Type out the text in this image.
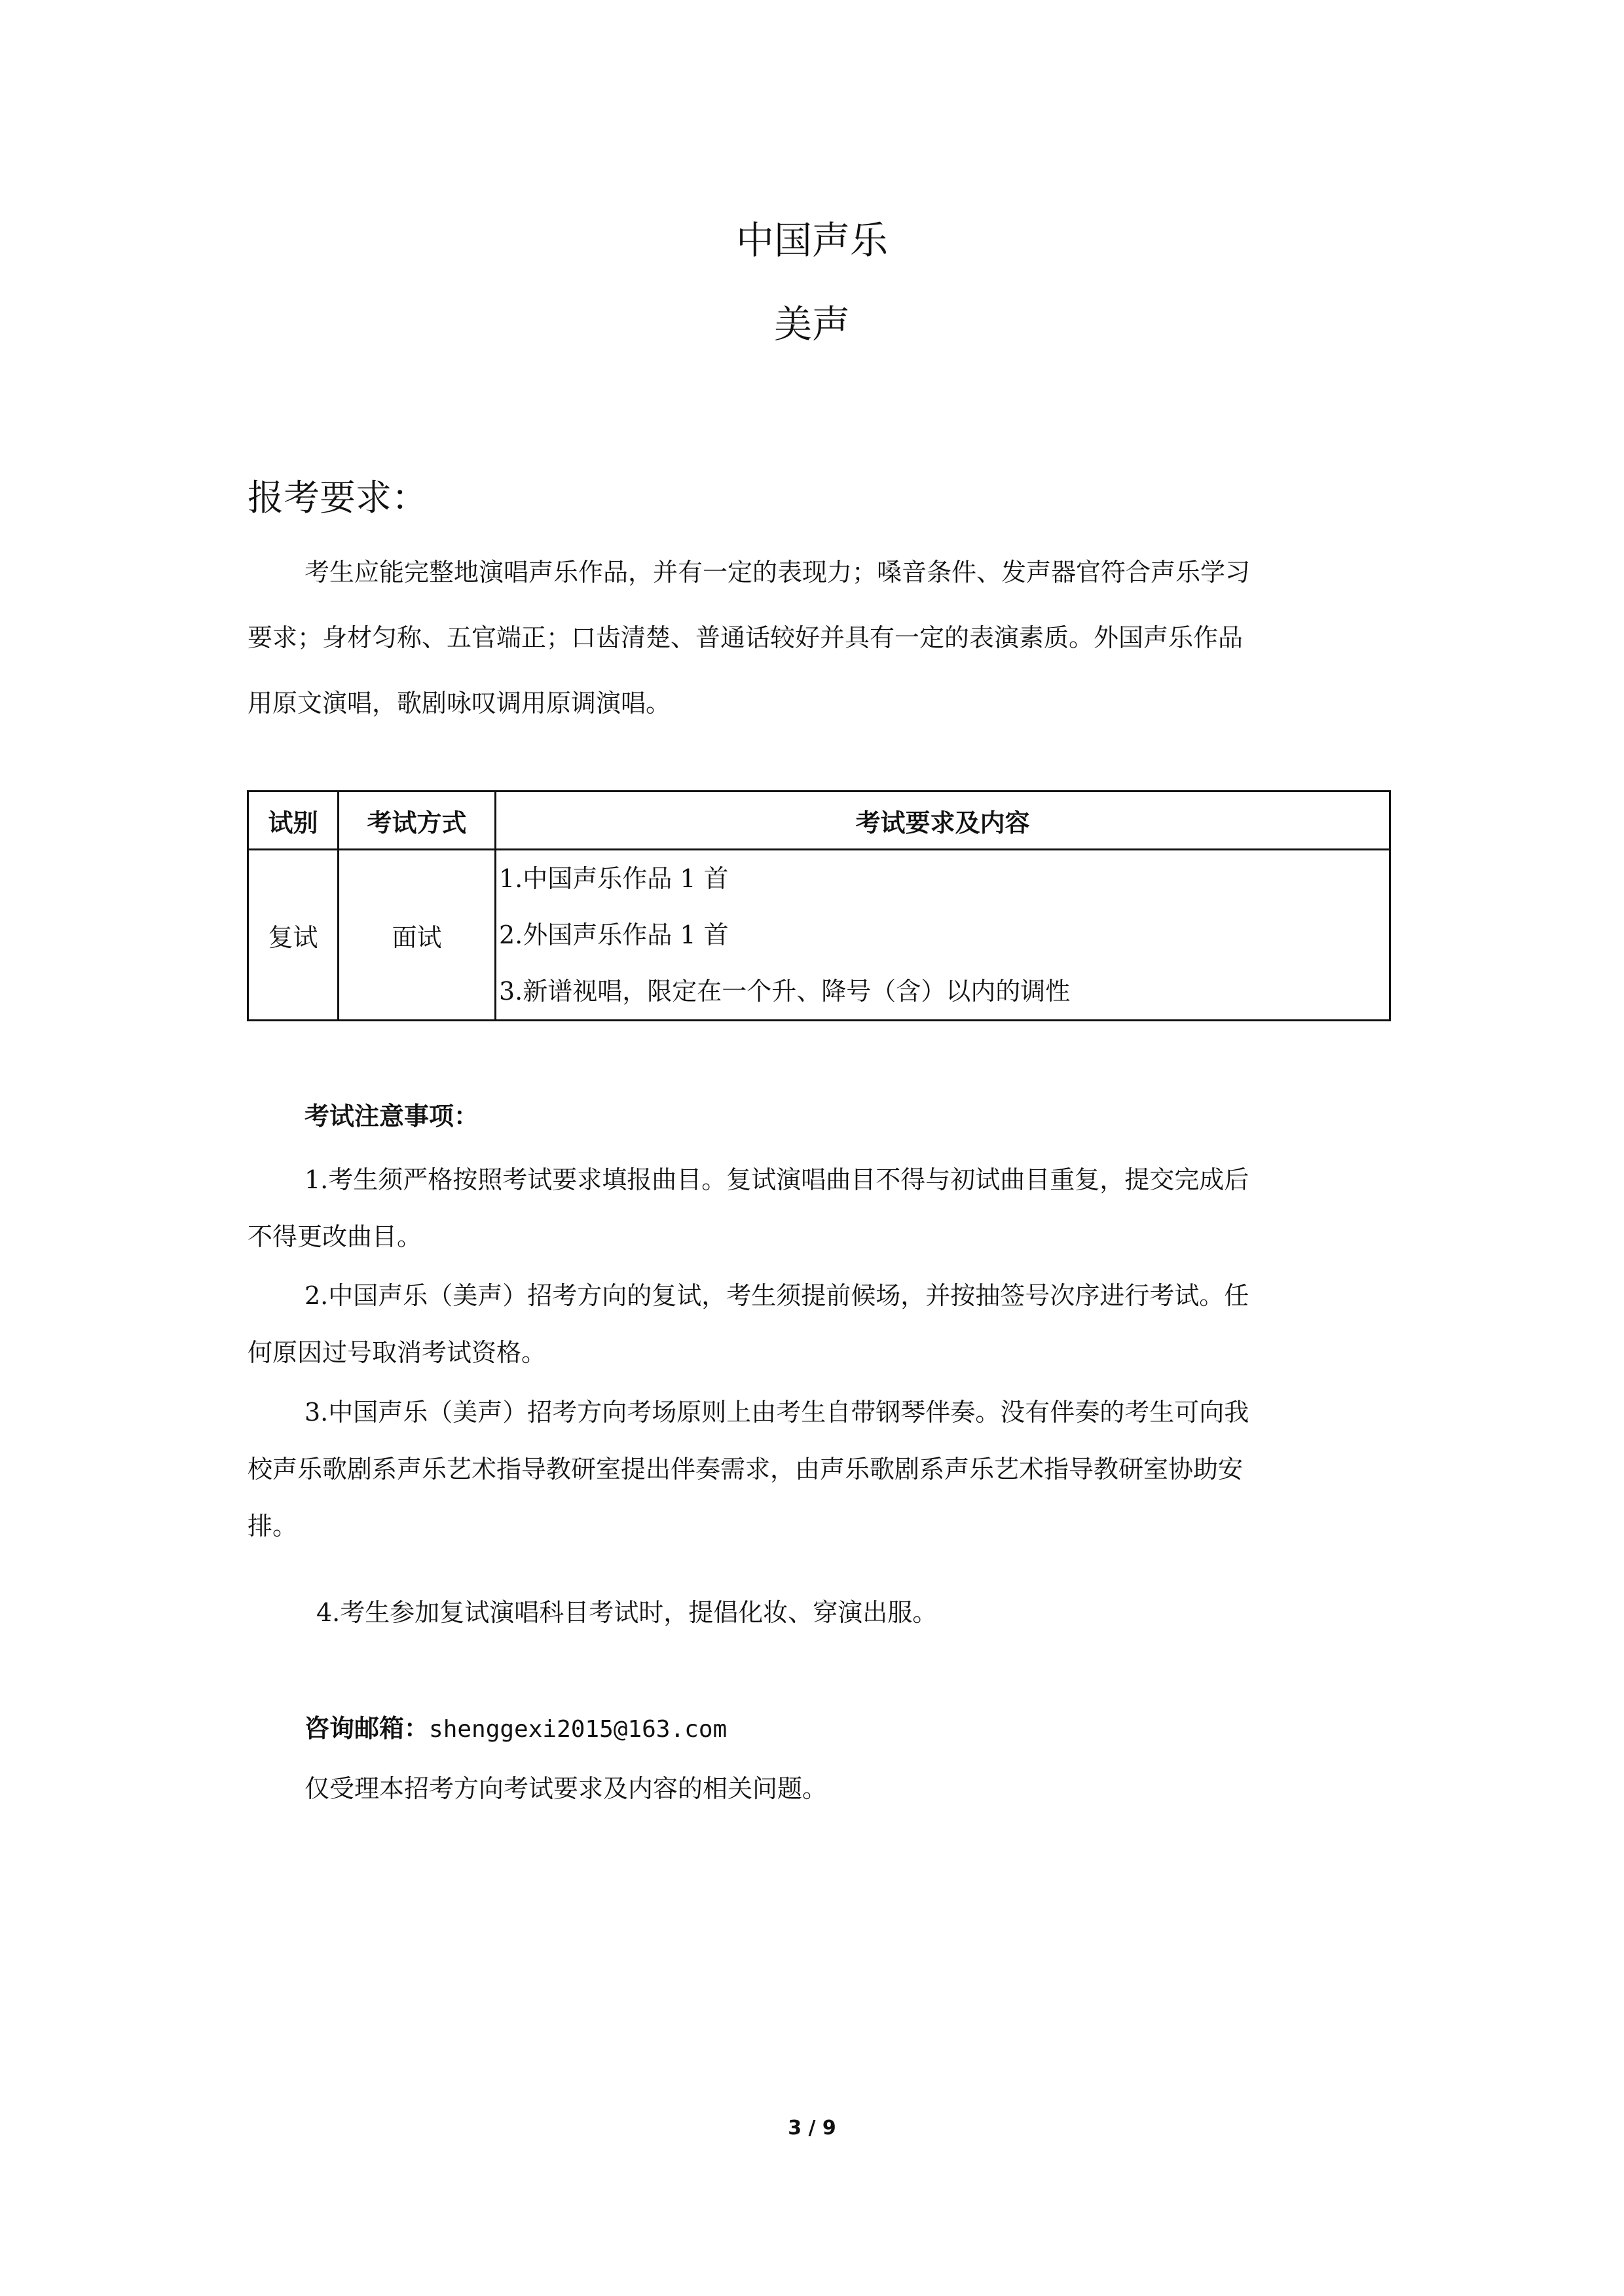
中国声乐
美声
报考要求：
考生应能完整地演唱声乐作品，并有一定的表现力；嗓音条件、发声器官符合声乐学习
要求；身材匀称、五官端正；口齿清楚、普通话较好并具有一定的表演素质。外国声乐作品
用原文演唱，歌剧咏叹调用原调演唱。
试别	考试方式	考试要求及内容
复试	面试	1.中国声乐作品 1 首
2.外国声乐作品 1 首
3.新谱视唱，限定在一个升、降号（含）以内的调性
考试注意事项：
1.考生须严格按照考试要求填报曲目。复试演唱曲目不得与初试曲目重复，提交完成后
不得更改曲目。
2.中国声乐（美声）招考方向的复试，考生须提前候场，并按抽签号次序进行考试。任
何原因过号取消考试资格。
3.中国声乐（美声）招考方向考场原则上由考生自带钢琴伴奏。没有伴奏的考生可向我
校声乐歌剧系声乐艺术指导教研室提出伴奏需求，由声乐歌剧系声乐艺术指导教研室协助安
排。
4.考生参加复试演唱科目考试时，提倡化妆、穿演出服。
咨询邮箱：shenggexi2015@163.com
仅受理本招考方向考试要求及内容的相关问题。
3 / 9
